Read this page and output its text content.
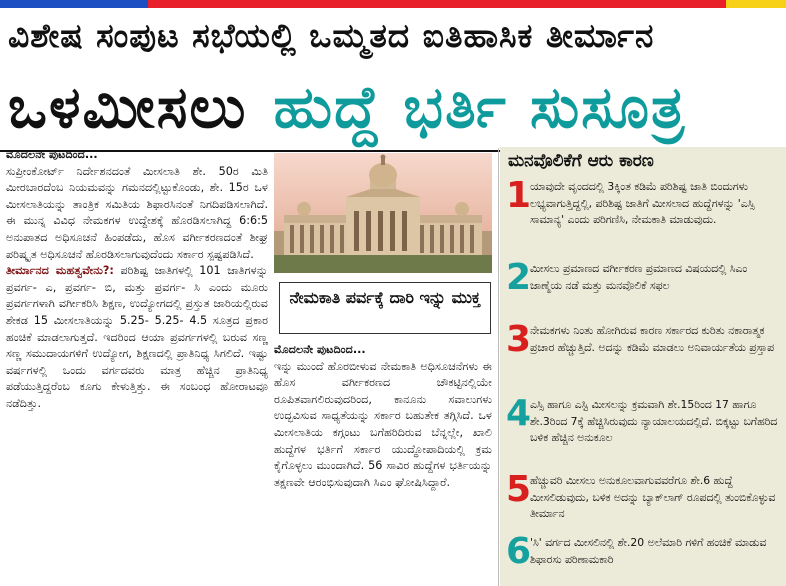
ವಿಶೇಷ ಸಂಪುಟ ಸಭೆಯಲ್ಲಿ ಒಮ್ಮತದ ಐತಿಹಾಸಿಕ ತೀರ್ಮಾನ
ಒಳಮೀಸಲು ಹುದ್ದೆ ಭರ್ತಿ ಸುಸೂತ್ರ

ಮೊದಲನೇ ಪುಟದಿಂದ...

ಸುಪ್ರೀಂಕೋರ್ಟ್ ನಿರ್ದೇಶನದಂತೆ ಮೀಸಲಾತಿ ಶೇ. 50ರ ಮಿತಿ ಮೀರಬಾರದೆಂಬ ನಿಯಮವನ್ನು ಗಮನದಲ್ಲಿಟ್ಟುಕೊಂಡು, ಶೇ. 15ರ ಒಳ ಮೀಸಲಾತಿಯನ್ನು ತಾಂತ್ರಿಕ ಸಮಿತಿಯ ಶಿಫಾರಸಿನಂತೆ ನಿಗದಿಪಡಿಸಲಾಗಿದೆ. ಈ ಮುನ್ನ ವಿವಿಧ ನೇಮಕಗಳ ಉದ್ದೇಶಕ್ಕೆ ಹೊರಡಿಸಲಾಗಿದ್ದ 6:6:5 ಅನುಪಾತದ ಅಧಿಸೂಚನೆ ಹಿಂಪಡೆದು, ಹೊಸ ವರ್ಗೀಕರಣದಂತೆ ಶೀಘ್ರ ಪರಿಷ್ಕೃತ ಅಧಿಸೂಚನೆ ಹೊರಡಿಸಲಾಗುವುದೆಂದು ಸರ್ಕಾರ ಸ್ಪಷ್ಟಪಡಿಸಿದೆ.

ತೀರ್ಮಾನದ ಮಹತ್ವವೇನು?: ಪರಿಶಿಷ್ಟ ಜಾತಿಗಳಲ್ಲಿ 101 ಜಾತಿಗಳನ್ನು ಪ್ರವರ್ಗ- ಎ, ಪ್ರವರ್ಗ- ಬಿ, ಮತ್ತು ಪ್ರವರ್ಗ- ಸಿ ಎಂದು ಮೂರು ಪ್ರವರ್ಗಗಳಾಗಿ ವರ್ಗೀಕರಿಸಿ ಶಿಕ್ಷಣ, ಉದ್ಯೋಗದಲ್ಲಿ ಪ್ರಸ್ತುತ ಜಾರಿಯಲ್ಲಿರುವ ಶೇಕಡ 15 ಮೀಸಲಾತಿಯನ್ನು 5.25- 5.25- 4.5 ಸೂತ್ರದ ಪ್ರಕಾರ ಹಂಚಿಕೆ ಮಾಡಲಾಗುತ್ತದೆ. ಇದರಿಂದ ಆಯಾ ಪ್ರವರ್ಗಗಳಲ್ಲಿ ಬರುವ ಸಣ್ಣ ಸಣ್ಣ ಸಮುದಾಯಗಳಿಗೆ ಉದ್ಯೋಗ, ಶಿಕ್ಷಣದಲ್ಲಿ ಪ್ರಾತಿನಿಧ್ಯ ಸಿಗಲಿದೆ. ಇಷ್ಟು ವರ್ಷಗಳಲ್ಲಿ ಒಂದು ವರ್ಗದವರು ಮಾತ್ರ ಹೆಚ್ಚಿನ ಪ್ರಾತಿನಿಧ್ಯ ಪಡೆಯುತ್ತಿದ್ದರೆಂಬ ಕೂಗು ಕೇಳುತ್ತಿತ್ತು. ಈ ಸಂಬಂಧ ಹೋರಾಟವೂ ನಡೆದಿತ್ತು.

ನೇಮಕಾತಿ ಪರ್ವಕ್ಕೆ ದಾರಿ ಇನ್ನು ಮುಕ್ತ

ಮೊದಲನೇ ಪುಟದಿಂದ...

ಇನ್ನು ಮುಂದೆ ಹೊರಬೀಳುವ ನೇಮಕಾತಿ ಅಧಿಸೂಚನೆಗಳು ಈ ಹೊಸ ವರ್ಗೀಕರಣದ ಚೌಕಟ್ಟಿನಲ್ಲಿಯೇ ರೂಪಿತವಾಗಲಿರುವುದರಿಂದ, ಕಾನೂನು ಸವಾಲುಗಳು ಉದ್ಭವಿಸುವ ಸಾಧ್ಯತೆಯನ್ನು ಸರ್ಕಾರ ಬಹುತೇಕ ತಗ್ಗಿಸಿದೆ. ಒಳ ಮೀಸಲಾತಿಯ ಕಗ್ಗಂಟು ಬಗೆಹರಿದಿರುವ ಬೆನ್ನಲ್ಲೇ, ಖಾಲಿ ಹುದ್ದೆಗಳ ಭರ್ತಿಗೆ ಸರ್ಕಾರ ಯುದ್ಧೋಪಾದಿಯಲ್ಲಿ ಕ್ರಮ ಕೈಗೊಳ್ಳಲು ಮುಂದಾಗಿದೆ. 56 ಸಾವಿರ ಹುದ್ದೆಗಳ ಭರ್ತಿಯನ್ನು ತಕ್ಷಣವೇ ಆರಂಭಿಸುವುದಾಗಿ ಸಿಎಂ ಘೋಷಿಸಿದ್ದಾರೆ.

ಮನವೊಲಿಕೆಗೆ ಆರು ಕಾರಣ
1
ಯಾವುದೇ ವೃಂದದಲ್ಲಿ 3ಕ್ಕಿಂತ ಕಡಿಮೆ ಪರಿಶಿಷ್ಟ ಜಾತಿ ಬಿಂದುಗಳು ಲಭ್ಯವಾಗುತ್ತಿದ್ದಲ್ಲಿ, ಪರಿಶಿಷ್ಟ ಜಾತಿಗೆ ಮೀಸಲಾದ ಹುದ್ದೆಗಳನ್ನು 'ಎಸ್ಸಿ ಸಾಮಾನ್ಯ' ಎಂದು ಪರಿಗಣಿಸಿ, ನೇಮಕಾತಿ ಮಾಡುವುದು.
2
ಮೀಸಲು ಪ್ರಮಾಣದ ವರ್ಗೀಕರಣ ಪ್ರಮಾಣದ ವಿಷಯದಲ್ಲಿ ಸಿಎಂ ಜಾಣ್ಮೆಯ ನಡೆ ಮತ್ತು ಮನವೊಲಿಕೆ ಸಫಲ
3
ನೇಮಕಗಳು ನಿಂತು ಹೋಗಿರುವ ಕಾರಣ ಸರ್ಕಾರದ ಕುರಿತು ನಕಾರಾತ್ಮಕ ಪ್ರಚಾರ ಹೆಚ್ಚುತ್ತಿದೆ. ಅದನ್ನು ಕಡಿಮೆ ಮಾಡಲು ಅನಿವಾರ್ಯತೆಯ ಪ್ರಸ್ತಾಪ
4
ಎಸ್ಸಿ ಹಾಗೂ ಎಸ್ಟಿ ಮೀಸಲನ್ನು ಕ್ರಮವಾಗಿ ಶೇ.15ರಿಂದ 17 ಹಾಗೂ ಶೇ.3ರಿಂದ 7ಕ್ಕೆ ಹೆಚ್ಚಿಸಿರುವುದು ನ್ಯಾಯಾಲಯದಲ್ಲಿದೆ. ಬಿಕ್ಕಟ್ಟು ಬಗೆಹರಿದ ಬಳಿಕ ಹೆಚ್ಚಿನ ಅನುಕೂಲ
5
ಹೆಚ್ಚುವರಿ ಮೀಸಲು ಅನುಕೂಲವಾಗುವವರೆಗೂ ಶೇ.6 ಹುದ್ದೆ ಮೀಸಲಿಡುವುದು, ಬಳಿಕ ಅದನ್ನು ಬ್ಯಾಕ್‌ಲಾಗ್ ರೂಪದಲ್ಲಿ ತುಂಬಿಕೊಳ್ಳುವ ತೀರ್ಮಾನ
6
'ಸಿ' ವರ್ಗದ ಮೀಸಲಿನಲ್ಲಿ ಶೇ.20 ಅಲೆಮಾರಿ ಗಳಿಗೆ ಹಂಚಿಕೆ ಮಾಡುವ ಶಿಫಾರಸು ಪರಿಣಾಮಕಾರಿ
